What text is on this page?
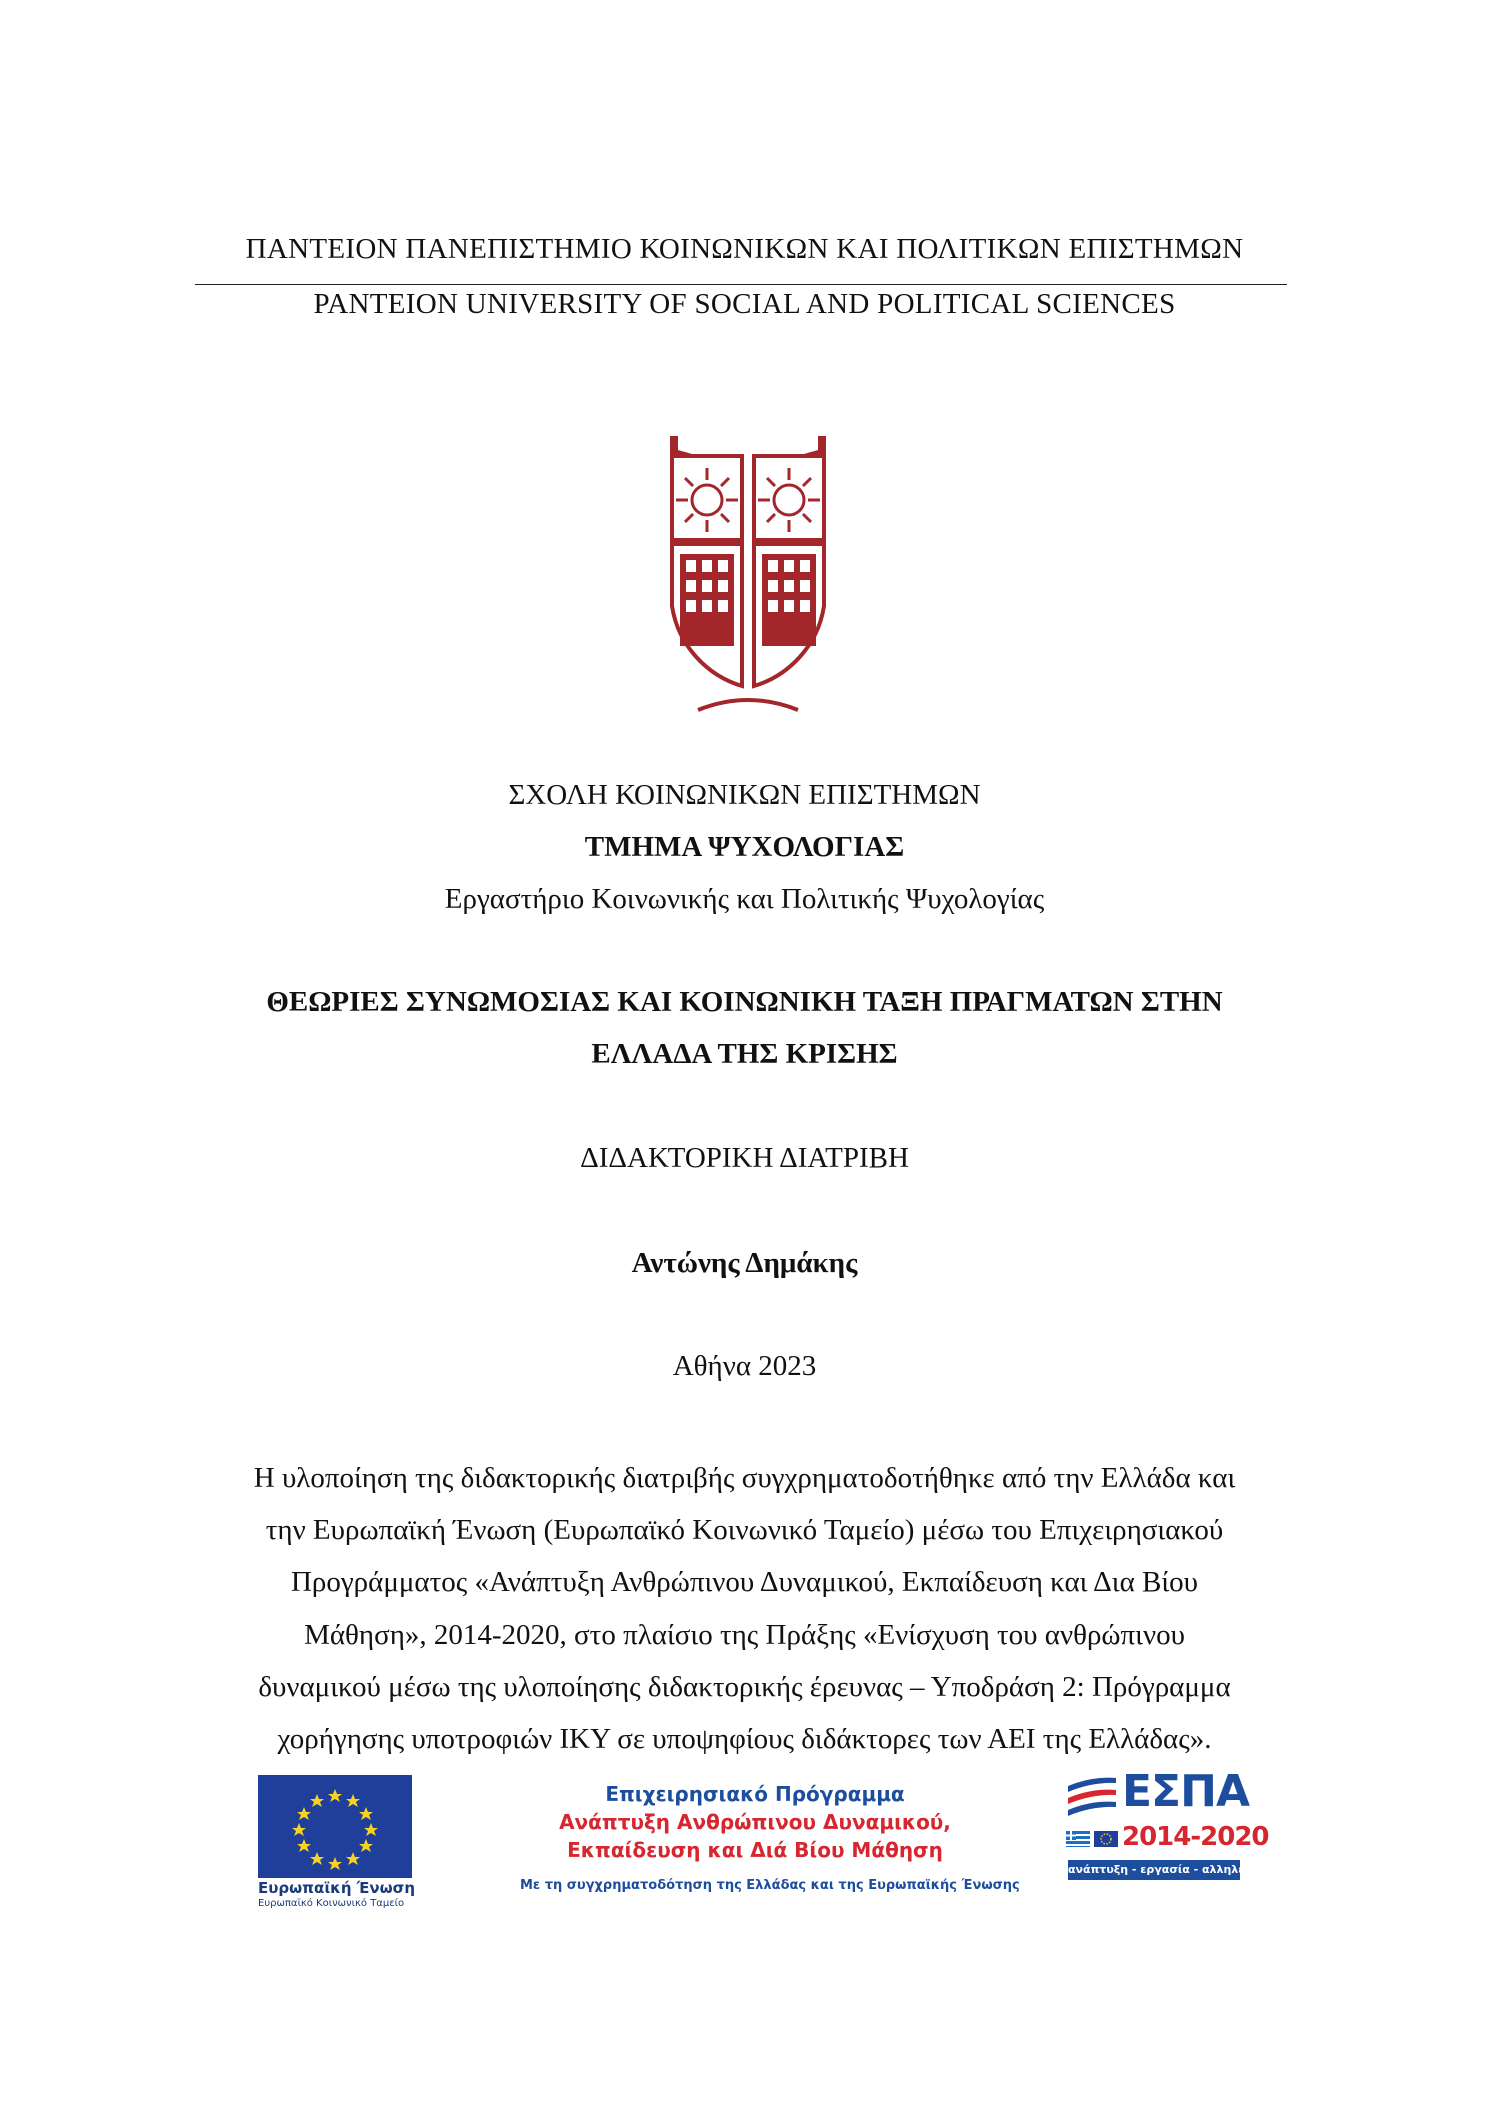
ΠΑΝΤΕΙΟΝ ΠΑΝΕΠΙΣΤΗΜΙΟ ΚΟΙΝΩΝΙΚΩΝ ΚΑΙ ΠΟΛΙΤΙΚΩΝ ΕΠΙΣΤΗΜΩΝ
PANTEION UNIVERSITY OF SOCIAL AND POLITICAL SCIENCES
ΣΧΟΛΗ ΚΟΙΝΩΝΙΚΩΝ ΕΠΙΣΤΗΜΩΝ
ΤΜΗΜΑ ΨΥΧΟΛΟΓΙΑΣ
Εργαστήριο Κοινωνικής και Πολιτικής Ψυχολογίας
ΘΕΩΡΙΕΣ ΣΥΝΩΜΟΣΙΑΣ ΚΑΙ ΚΟΙΝΩΝΙΚΗ ΤΑΞΗ ΠΡΑΓΜΑΤΩΝ ΣΤΗΝ
ΕΛΛΑΔΑ ΤΗΣ ΚΡΙΣΗΣ
ΔΙΔΑΚΤΟΡΙΚΗ ΔΙΑΤΡΙΒΗ
Αντώνης Δημάκης
Αθήνα 2023
Η υλοποίηση της διδακτορικής διατριβής συγχρηματοδοτήθηκε από την Ελλάδα και
την Ευρωπαϊκή Ένωση (Ευρωπαϊκό Κοινωνικό Ταμείο) μέσω του Επιχειρησιακού
Προγράμματος «Ανάπτυξη Ανθρώπινου Δυναμικού, Εκπαίδευση και Δια Βίου
Μάθηση», 2014-2020, στο πλαίσιο της Πράξης «Ενίσχυση του ανθρώπινου
δυναμικού μέσω της υλοποίησης διδακτορικής έρευνας – Υποδράση 2: Πρόγραμμα
χορήγησης υποτροφιών ΙΚΥ σε υποψηφίους διδάκτορες των ΑΕΙ της Ελλάδας».
Ευρωπαϊκή Ένωση
Ευρωπαϊκό Κοινωνικό Ταμείο
Επιχειρησιακό Πρόγραμμα
Ανάπτυξη Ανθρώπινου Δυναμικού,
Εκπαίδευση και Διά Βίου Μάθηση
Με τη συγχρηματοδότηση της Ελλάδας και της Ευρωπαϊκής Ένωσης
ΕΣΠΑ
2014-2020
ανάπτυξη - εργασία - αλληλεγγύη
